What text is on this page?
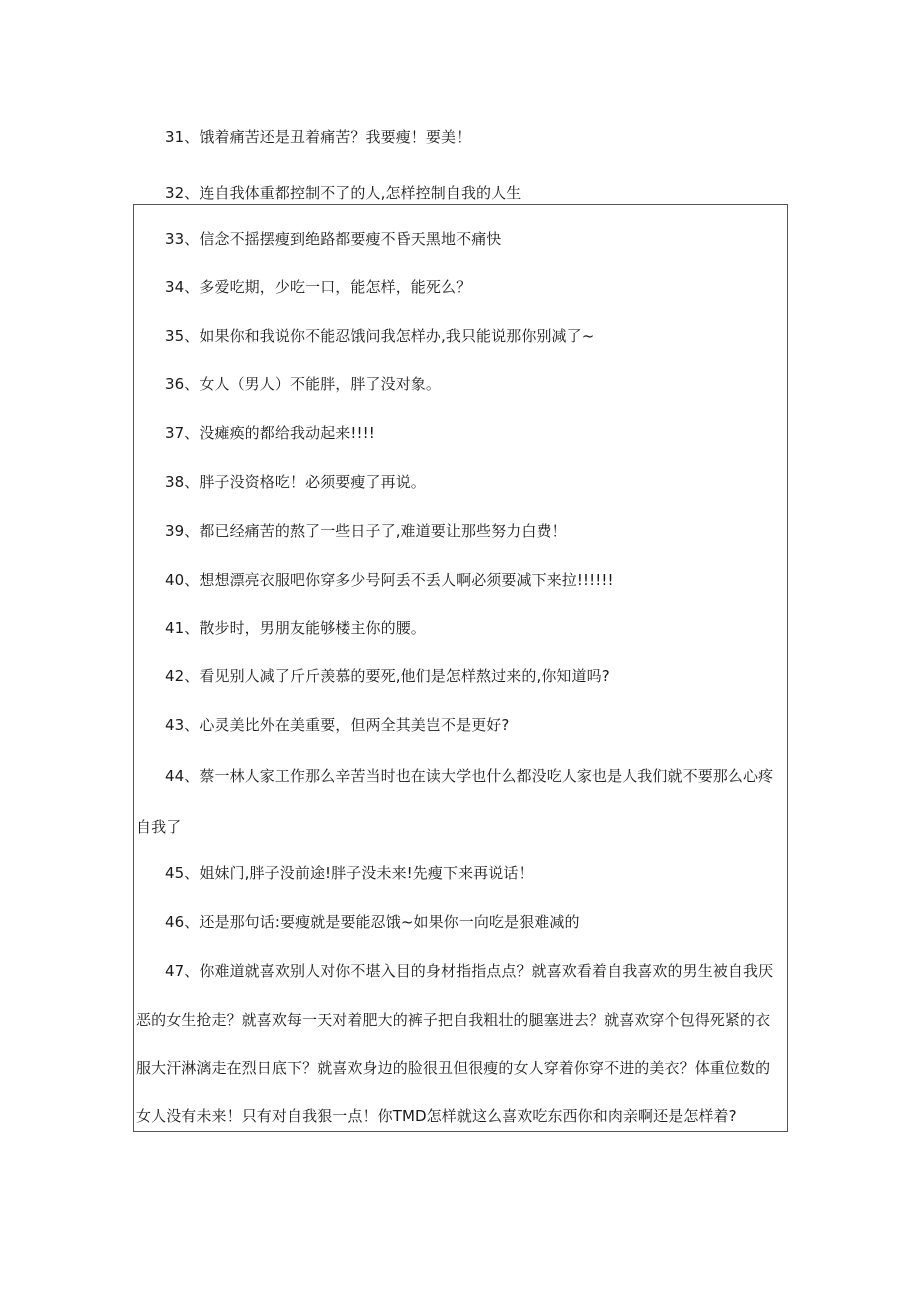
31、饿着痛苦还是丑着痛苦？我要瘦！要美！
32、连自我体重都控制不了的人,怎样控制自我的人生
33、信念不摇摆瘦到绝路都要瘦不昏天黑地不痛快
34、多爱吃期，少吃一口，能怎样，能死么？
35、如果你和我说你不能忍饿问我怎样办,我只能说那你别减了~
36、女人（男人）不能胖，胖了没对象。
37、没瘫痪的都给我动起来!!!!
38、胖子没资格吃！必须要瘦了再说。
39、都已经痛苦的熬了一些日子了,难道要让那些努力白费！
40、想想漂亮衣服吧你穿多少号阿丢不丢人啊必须要减下来拉!!!!!!
41、散步时，男朋友能够楼主你的腰。
42、看见别人减了斤斤羡慕的要死,他们是怎样熬过来的,你知道吗?
43、心灵美比外在美重要，但两全其美岂不是更好?
44、蔡一林人家工作那么辛苦当时也在读大学也什么都没吃人家也是人我们就不要那么心疼
自我了
45、姐妹门,胖子没前途!胖子没未来!先瘦下来再说话！
46、还是那句话:要瘦就是要能忍饿~如果你一向吃是狠难减的
47、你难道就喜欢别人对你不堪入目的身材指指点点？就喜欢看着自我喜欢的男生被自我厌
恶的女生抢走？就喜欢每一天对着肥大的裤子把自我粗壮的腿塞进去？就喜欢穿个包得死紧的衣
服大汗淋漓走在烈日底下？就喜欢身边的脸很丑但很瘦的女人穿着你穿不进的美衣？体重位数的
女人没有未来！只有对自我狠一点！你TMD怎样就这么喜欢吃东西你和肉亲啊还是怎样着?
